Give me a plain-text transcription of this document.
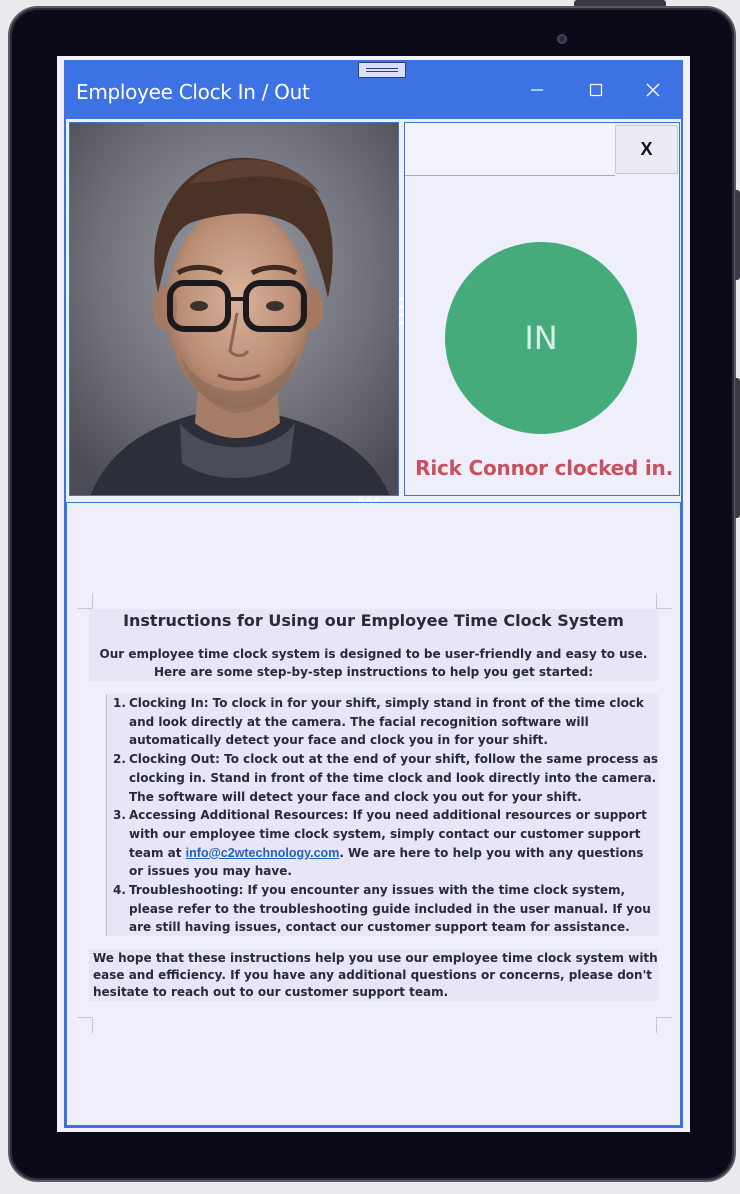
Employee Clock In / Out
X
IN
Rick Connor clocked in.
Instructions for Using our Employee Time Clock System
Our employee time clock system is designed to be user-friendly and easy to use. Here are some step-by-step instructions to help you get started:
1. Clocking In: To clock in for your shift, simply stand in front of the time clock and look directly at the camera. The facial recognition software will automatically detect your face and clock you in for your shift.
2. Clocking Out: To clock out at the end of your shift, follow the same process as clocking in. Stand in front of the time clock and look directly into the camera. The software will detect your face and clock you out for your shift.
3. Accessing Additional Resources: If you need additional resources or support with our employee time clock system, simply contact our customer support team at info@c2wtechnology.com. We are here to help you with any questions or issues you may have.
4. Troubleshooting: If you encounter any issues with the time clock system, please refer to the troubleshooting guide included in the user manual. If you are still having issues, contact our customer support team for assistance.
We hope that these instructions help you use our employee time clock system with ease and efficiency. If you have any additional questions or concerns, please don't hesitate to reach out to our customer support team.
